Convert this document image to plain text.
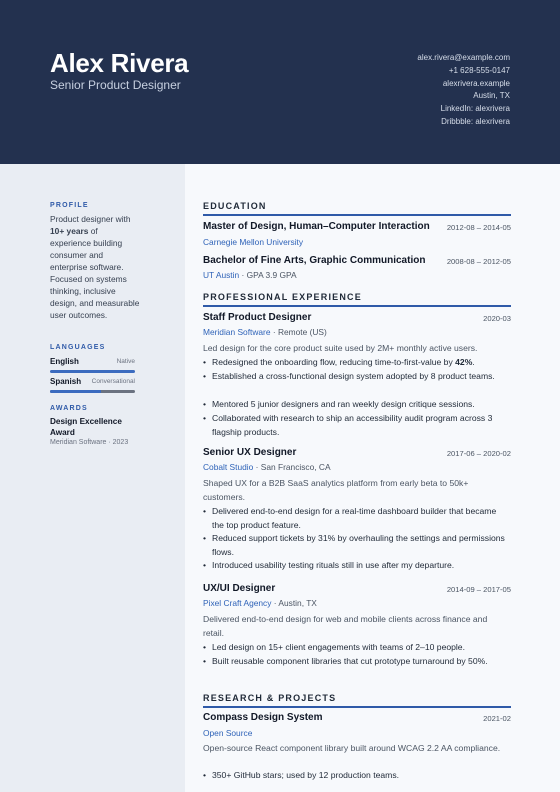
Alex Rivera
Senior Product Designer
alex.rivera@example.com
+1 628-555-0147
alexrivera.example
Austin, TX
LinkedIn: alexrivera
Dribbble: alexrivera
PROFILE
Product designer with 10+ years of experience building consumer and enterprise software. Focused on systems thinking, inclusive design, and measurable user outcomes.
LANGUAGES
English	Native
Spanish Conversational
AWARDS
Design Excellence Award
Meridian Software · 2023
EDUCATION
Master of Design, Human–Computer Interaction 2012-08 – 2014-05
Carnegie Mellon University
Bachelor of Fine Arts, Graphic Communication	2008-08 – 2012-05
UT Austin · GPA 3.9 GPA
PROFESSIONAL EXPERIENCE
Staff Product Designer	2020-03
Meridian Software · Remote (US)
Led design for the core product suite used by 2M+ monthly active users.
• Redesigned the onboarding flow, reducing time-to-first-value by 42%.
• Established a cross-functional design system adopted by 8 product teams.
• Mentored 5 junior designers and ran weekly design critique sessions.
• Collaborated with research to ship an accessibility audit program across 3 flagship products.
Senior UX Designer	2017-06 – 2020-02
Cobalt Studio · San Francisco, CA
Shaped UX for a B2B SaaS analytics platform from early beta to 50k+ customers.
• Delivered end-to-end design for a real-time dashboard builder that became the top product feature.
• Reduced support tickets by 31% by overhauling the settings and permissions flows.
• Introduced usability testing rituals still in use after my departure.
UX/UI Designer	2014-09 – 2017-05
Pixel Craft Agency · Austin, TX
Delivered end-to-end design for web and mobile clients across finance and retail.
• Led design on 15+ client engagements with teams of 2–10 people.
• Built reusable component libraries that cut prototype turnaround by 50%.
RESEARCH & PROJECTS
Compass Design System	2021-02
Open Source
Open-source React component library built around WCAG 2.2 AA compliance.
• 350+ GitHub stars; used by 12 production teams.
